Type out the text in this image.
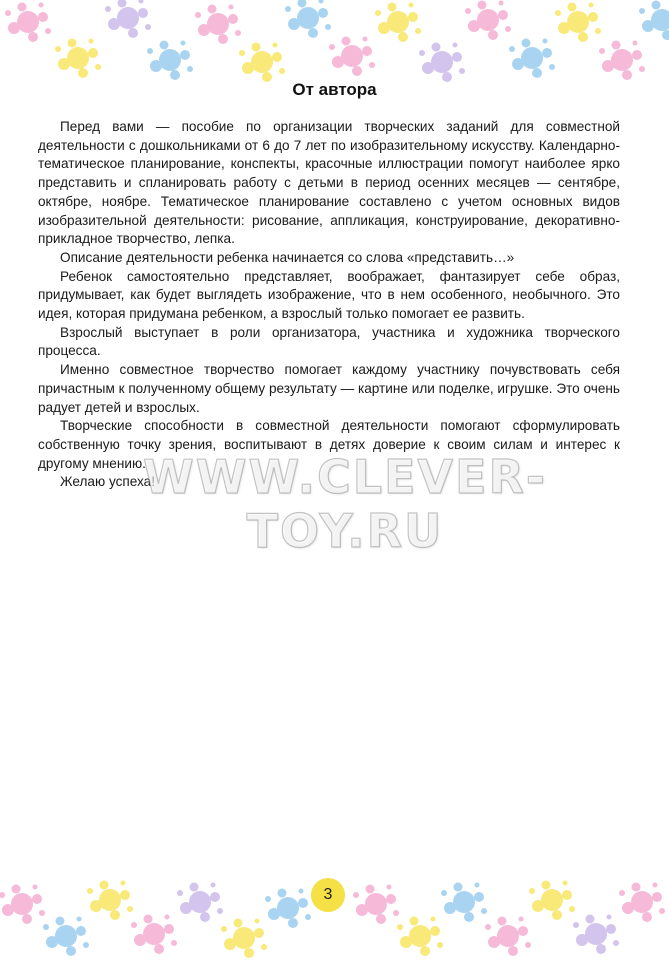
От автора

Перед вами — пособие по организации творческих заданий для совместной деятельности с дошкольниками от 6 до 7 лет по изобразительному искусству. Календарно-тематическое планирование, конспекты, красочные иллюстрации помогут наиболее ярко представить и спланировать работу с детьми в период осенних месяцев — сентябре, октябре, ноябре. Тематическое планирование составлено с учетом основных видов изобразительной деятельности: рисование, аппликация, конструирование, декоративно-прикладное творчество, лепка.

Описание деятельности ребенка начинается со слова «представить…»

Ребенок самостоятельно представляет, воображает, фантазирует себе образ, придумывает, как будет выглядеть изображение, что в нем особенного, необычного. Это идея, которая придумана ребенком, а взрослый только помогает ее развить.

Взрослый выступает в роли организатора, участника и художника творческого процесса.

Именно совместное творчество помогает каждому участнику почувствовать себя причастным к полученному общему результату — картине или поделке, игрушке. Это очень радует детей и взрослых.

Творческие способности в совместной деятельности помогают сформулировать собственную точку зрения, воспитывают в детях доверие к своим силам и интерес к другому мнению.

Желаю успеха!

WWW.CLEVER-TOY.RU
3
